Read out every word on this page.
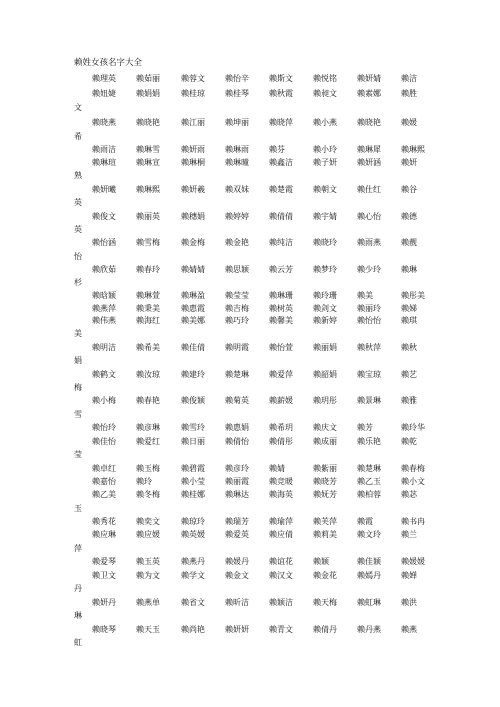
赖姓女孩名字大全
赖理英	赖茹丽	赖蓉文	赖怡辛	赖斯文	赖悦铭	赖妍婧	赖洁
赖妞婕	赖娟娟	赖桂琼	赖桂琴	赖秋霞	赖昶文	赖素娜	赖胜
文
赖晓燕	赖晓艳	赖江丽	赖坤丽	赖晓萍	赖小燕	赖晓艳	赖媛
希
赖雨洁	赖琳雪	赖妍雨	赖琳雨	赖芬	赖小玲	赖琳犀	赖琳熙
赖琳瑄	赖琳宣	赖琳桐	赖琳曈	赖鑫洁	赖子妍	赖妍涵	赖妍
熟
赖妍曦	赖琳熙	赖妍羲	赖双妹	赖楚霞	赖朝文	赖仕红	赖谷
英
赖俊文	赖丽英	赖穗娟	赖婷婷	赖倩倩	赖宇婧	赖心怡	赖德
英
赖怡涵	赖雪梅	赖金梅	赖金艳	赖纯洁	赖晓玲	赖雨燕	赖靓
怡
赖欣茹	赖春玲	赖婧婧	赖思颖	赖云芳	赖梦玲	赖少玲	赖琳
杉
赖晗颖	赖琳萱	赖琳盈	赖莹莹	赖琳珊	赖玲珊	赖美	赖彤美
赖燕萍	赖秉美	赖惠霞	赖吉梅	赖树英	赖剑文	赖丽玲	赖娣
赖伟燕	赖海红	赖美娜	赖巧玲	赖馨美	赖新婷	赖怡怡	赖琪
美
赖明洁	赖希美	赖佳倩	赖明霞	赖怡萱	赖丽娟	赖秋萍	赖秋
娟
赖鹤文	赖汝琼	赖建玲	赖楚琳	赖爱萍	赖韶娟	赖宝琼	赖艺
梅
赖小梅	赖春艳	赖俊颖	赖菊英	赖薪媛	赖玥彤	赖景琳	赖雅
雪
赖怡玲	赖彦琳	赖雪玲	赖惠娟	赖希玥	赖庆文	赖芳	赖玲华
赖佳怡	赖爱红	赖日丽	赖倩怡	赖倩彤	赖成丽	赖乐艳	赖乾
莹
赖卓红	赖玉梅	赖碧霞	赖彦玲	赖婧	赖紫丽	赖楚琳	赖春梅
赖嘉怡	赖玲	赖小莹	赖丽霞	赖竞暖	赖晓芳	赖乙玉	赖小文
赖乙美	赖冬梅	赖桂娜	赖琳达	赖海英	赖妩芳	赖柏蓉	赖苾
玉
赖秀花	赖奕文	赖琼玲	赖瑞芳	赖瑜萍	赖芙萍	赖霞	赖书冉
赖应琳	赖应媛	赖英媛	赖爱英	赖应倩	赖莉美	赖文玲	赖兰
萍
赖爱琴	赖玉英	赖燕丹	赖媛丹	赖谊花	赖颖	赖佳颖	赖媛媛
赖卫文	赖为文	赖学文	赖金文	赖汉文	赖金花	赖嫣丹	赖婵
丹
赖妍丹	赖燕单	赖省文	赖昕洁	赖颖洁	赖天梅	赖虹琳	赖洪
琳
赖晓琴	赖天玉	赖尚艳	赖妍妍	赖青文	赖倩丹	赖丹燕	赖燕
虹
